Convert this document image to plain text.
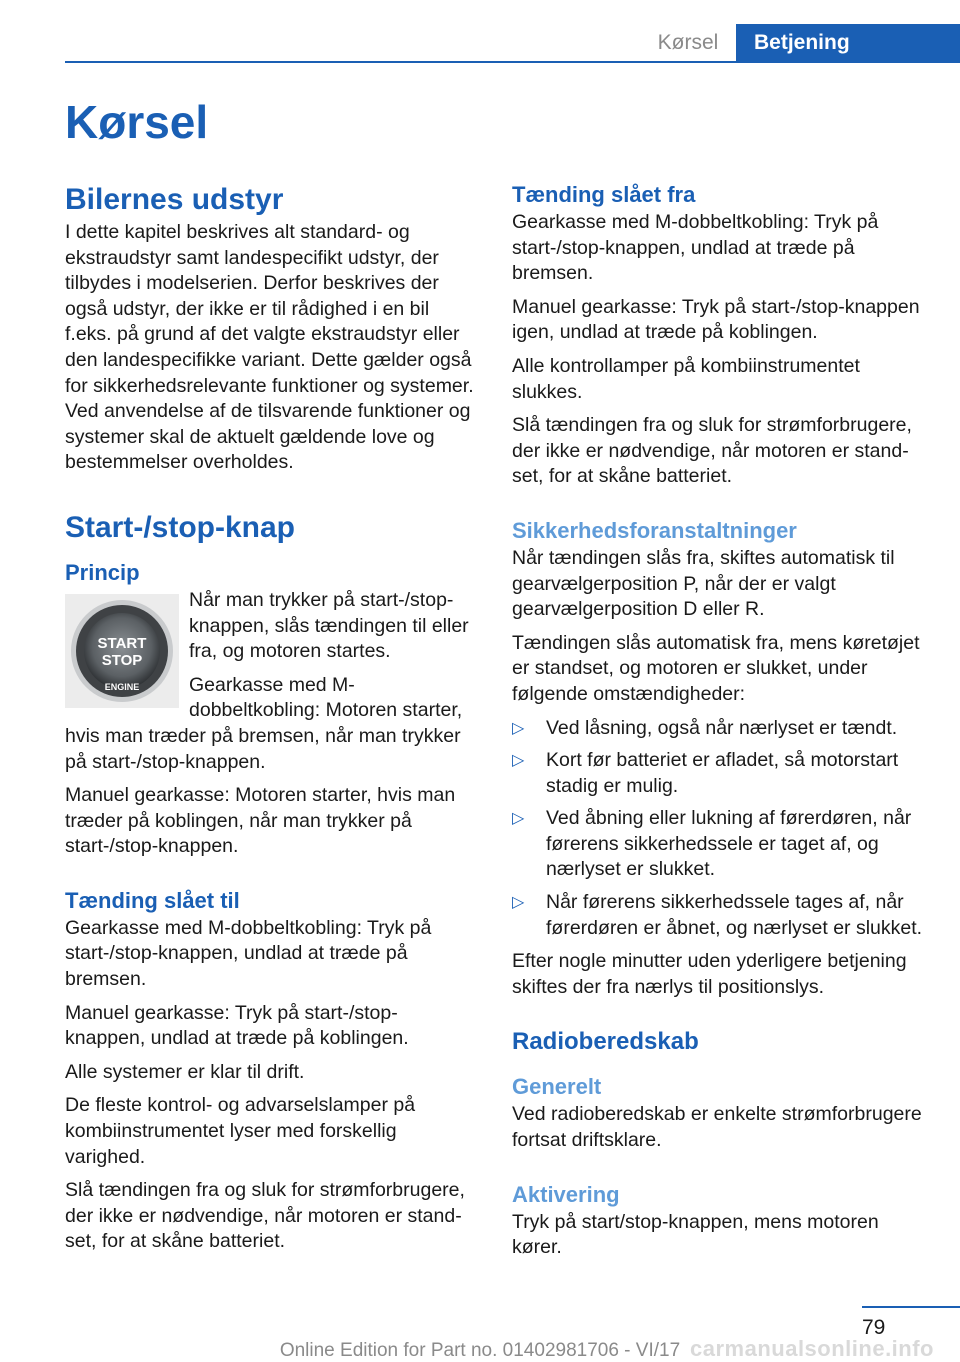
Kørsel	Betjening
Kørsel
Bilernes udstyr

I dette kapitel beskrives alt standard- og ekstraudstyr samt landespecifikt udstyr, der tilbydes i modelserien. Derfor beskrives der også udstyr, der ikke er til rådighed i en bil f.eks. på grund af det valgte ekstraudstyr eller den landespecifikke variant. Dette gælder også for sikkerhedsrelevante funktioner og systemer. Ved anvendelse af de tilsvarende funktioner og systemer skal de aktuelt gældende love og bestemmelser overholdes.

Start-/stop-knap
Princip
START
STOP
ENGINE

Når man trykker på start-/stop-knappen, slås tændingen til eller fra, og motoren startes.

Gearkasse med M-dobbeltkobling: Motoren starter, hvis man træder på bremsen, når man trykker på start-/stop-knappen.

Manuel gearkasse: Motoren starter, hvis man træder på koblingen, når man trykker på start-/stop-knappen.

Tænding slået til

Gearkasse med M-dobbeltkobling: Tryk på start-/stop-knappen, undlad at træde på bremsen.

Manuel gearkasse: Tryk på start-/stop-knappen, undlad at træde på koblingen.

Alle systemer er klar til drift.

De fleste kontrol- og advarselslamper på kombiinstrumentet lyser med forskellig varighed.

Slå tændingen fra og sluk for strømforbrugere, der ikke er nødvendige, når motoren er stand-set, for at skåne batteriet.

Tænding slået fra

Gearkasse med M-dobbeltkobling: Tryk på start-/stop-knappen, undlad at træde på bremsen.

Manuel gearkasse: Tryk på start-/stop-knappen igen, undlad at træde på koblingen.

Alle kontrollamper på kombiinstrumentet slukkes.

Slå tændingen fra og sluk for strømforbrugere, der ikke er nødvendige, når motoren er stand-set, for at skåne batteriet.

Sikkerhedsforanstaltninger

Når tændingen slås fra, skiftes automatisk til gearvælgerposition P, når der er valgt gearvælgerposition D eller R.

Tændingen slås automatisk fra, mens køretøjet er standset, og motoren er slukket, under følgende omstændigheder:

▷ Ved låsning, også når nærlyset er tændt.
▷ Kort før batteriet er afladet, så motorstart stadig er mulig.
▷ Ved åbning eller lukning af førerdøren, når førerens sikkerhedssele er taget af, og nærlyset er slukket.
▷ Når førerens sikkerhedssele tages af, når førerdøren er åbnet, og nærlyset er slukket.

Efter nogle minutter uden yderligere betjening skiftes der fra nærlys til positionslys.

Radioberedskab
Generelt

Ved radioberedskab er enkelte strømforbrugere fortsat driftsklare.

Aktivering

Tryk på start/stop-knappen, mens motoren kører.

79
carmanualsonline.info
Online Edition for Part no. 01402981706 - VI/17
